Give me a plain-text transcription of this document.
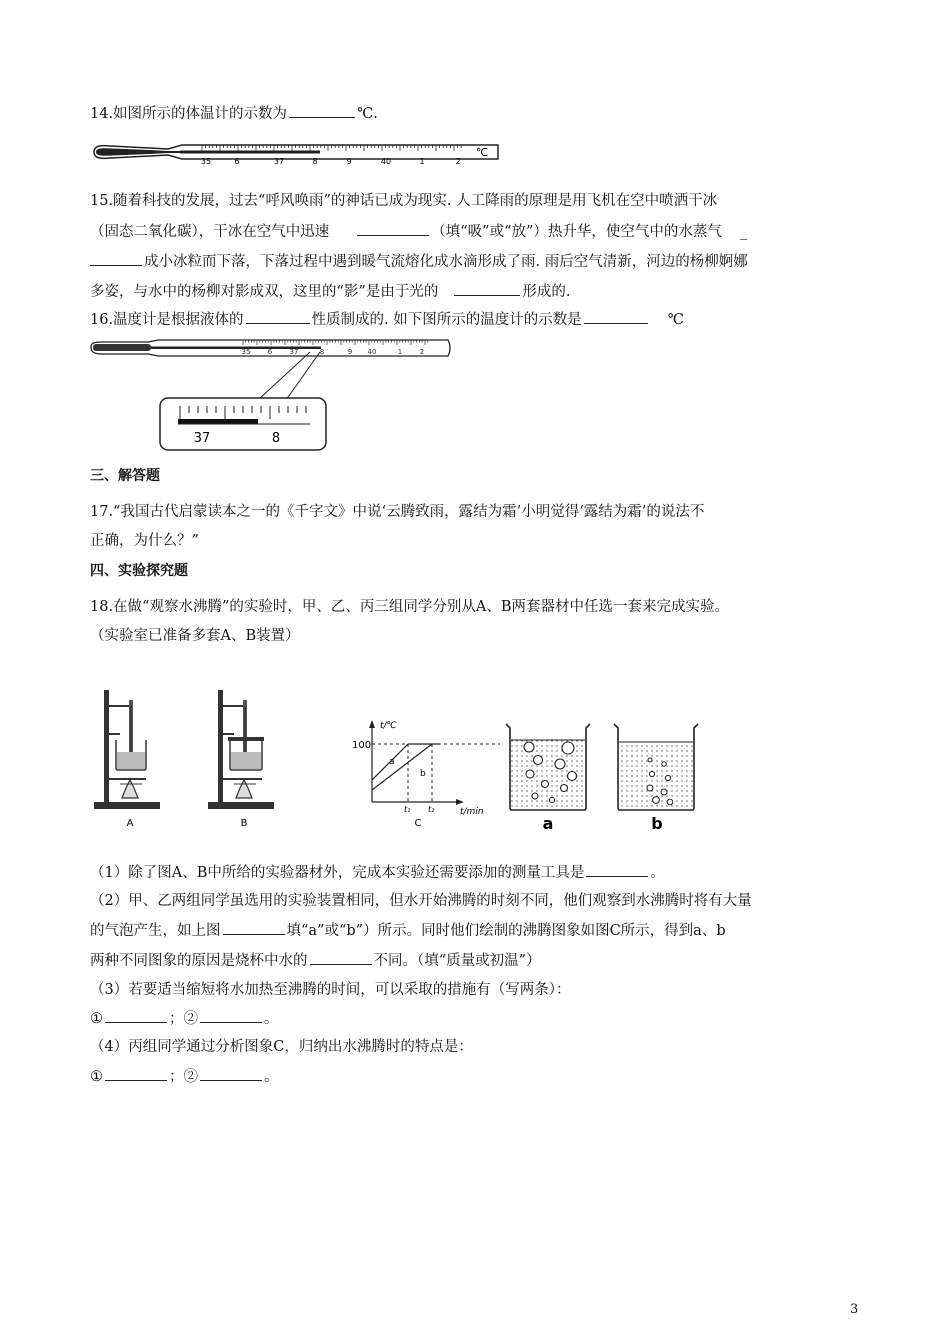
14.如图所示的体温计的示数为	℃.
35	6	37	8	9	40	1	2
℃
15.随着科技的发展，过去“呼风唤雨”的神话已成为现实. 人工降雨的原理是用飞机在空中喷洒干冰
（固态二氧化碳），干冰在空气中迅速	（填“吸”或“放”）热升华，使空气中的水蒸气 _
成小冰粒而下落，下落过程中遇到暖气流熔化成水滴形成了雨. 雨后空气清新，河边的杨柳婀娜
多姿，与水中的杨柳对影成双，这里的“影”是由于光的	形成的.
16.温度计是根据液体的	性质制成的. 如下图所示的温度计的示数是	℃
35 6 37	8	9 40	1	2
37	8
三、解答题
17.“我国古代启蒙读本之一的《千字文》中说‘云腾致雨，露结为霜’小明觉得‘露结为霜’的说法不
正确，为什么？”
四、实验探究题
18.在做“观察水沸腾”的实验时，甲、乙、丙三组同学分别从A、B两套器材中任选一套来完成实验。
（实验室已准备多套A、B装置）
A	B
t/℃
100
a
b
t₁ t₂	t/min
C	a	b
（1）除了图A、B中所给的实验器材外，完成本实验还需要添加的测量工具是	。
（2）甲、乙两组同学虽选用的实验装置相同，但水开始沸腾的时刻不同，他们观察到水沸腾时将有大量
的气泡产生，如上图	填“a”或“b”）所示。同时他们绘制的沸腾图象如图C所示，得到a、b
两种不同图象的原因是烧杯中水的	不同。（填“质量或初温”）
（3）若要适当缩短将水加热至沸腾的时间，可以采取的措施有（写两条）：
①	；②	。
（4）丙组同学通过分析图象C，归纳出水沸腾时的特点是：
①	；②	。
3
